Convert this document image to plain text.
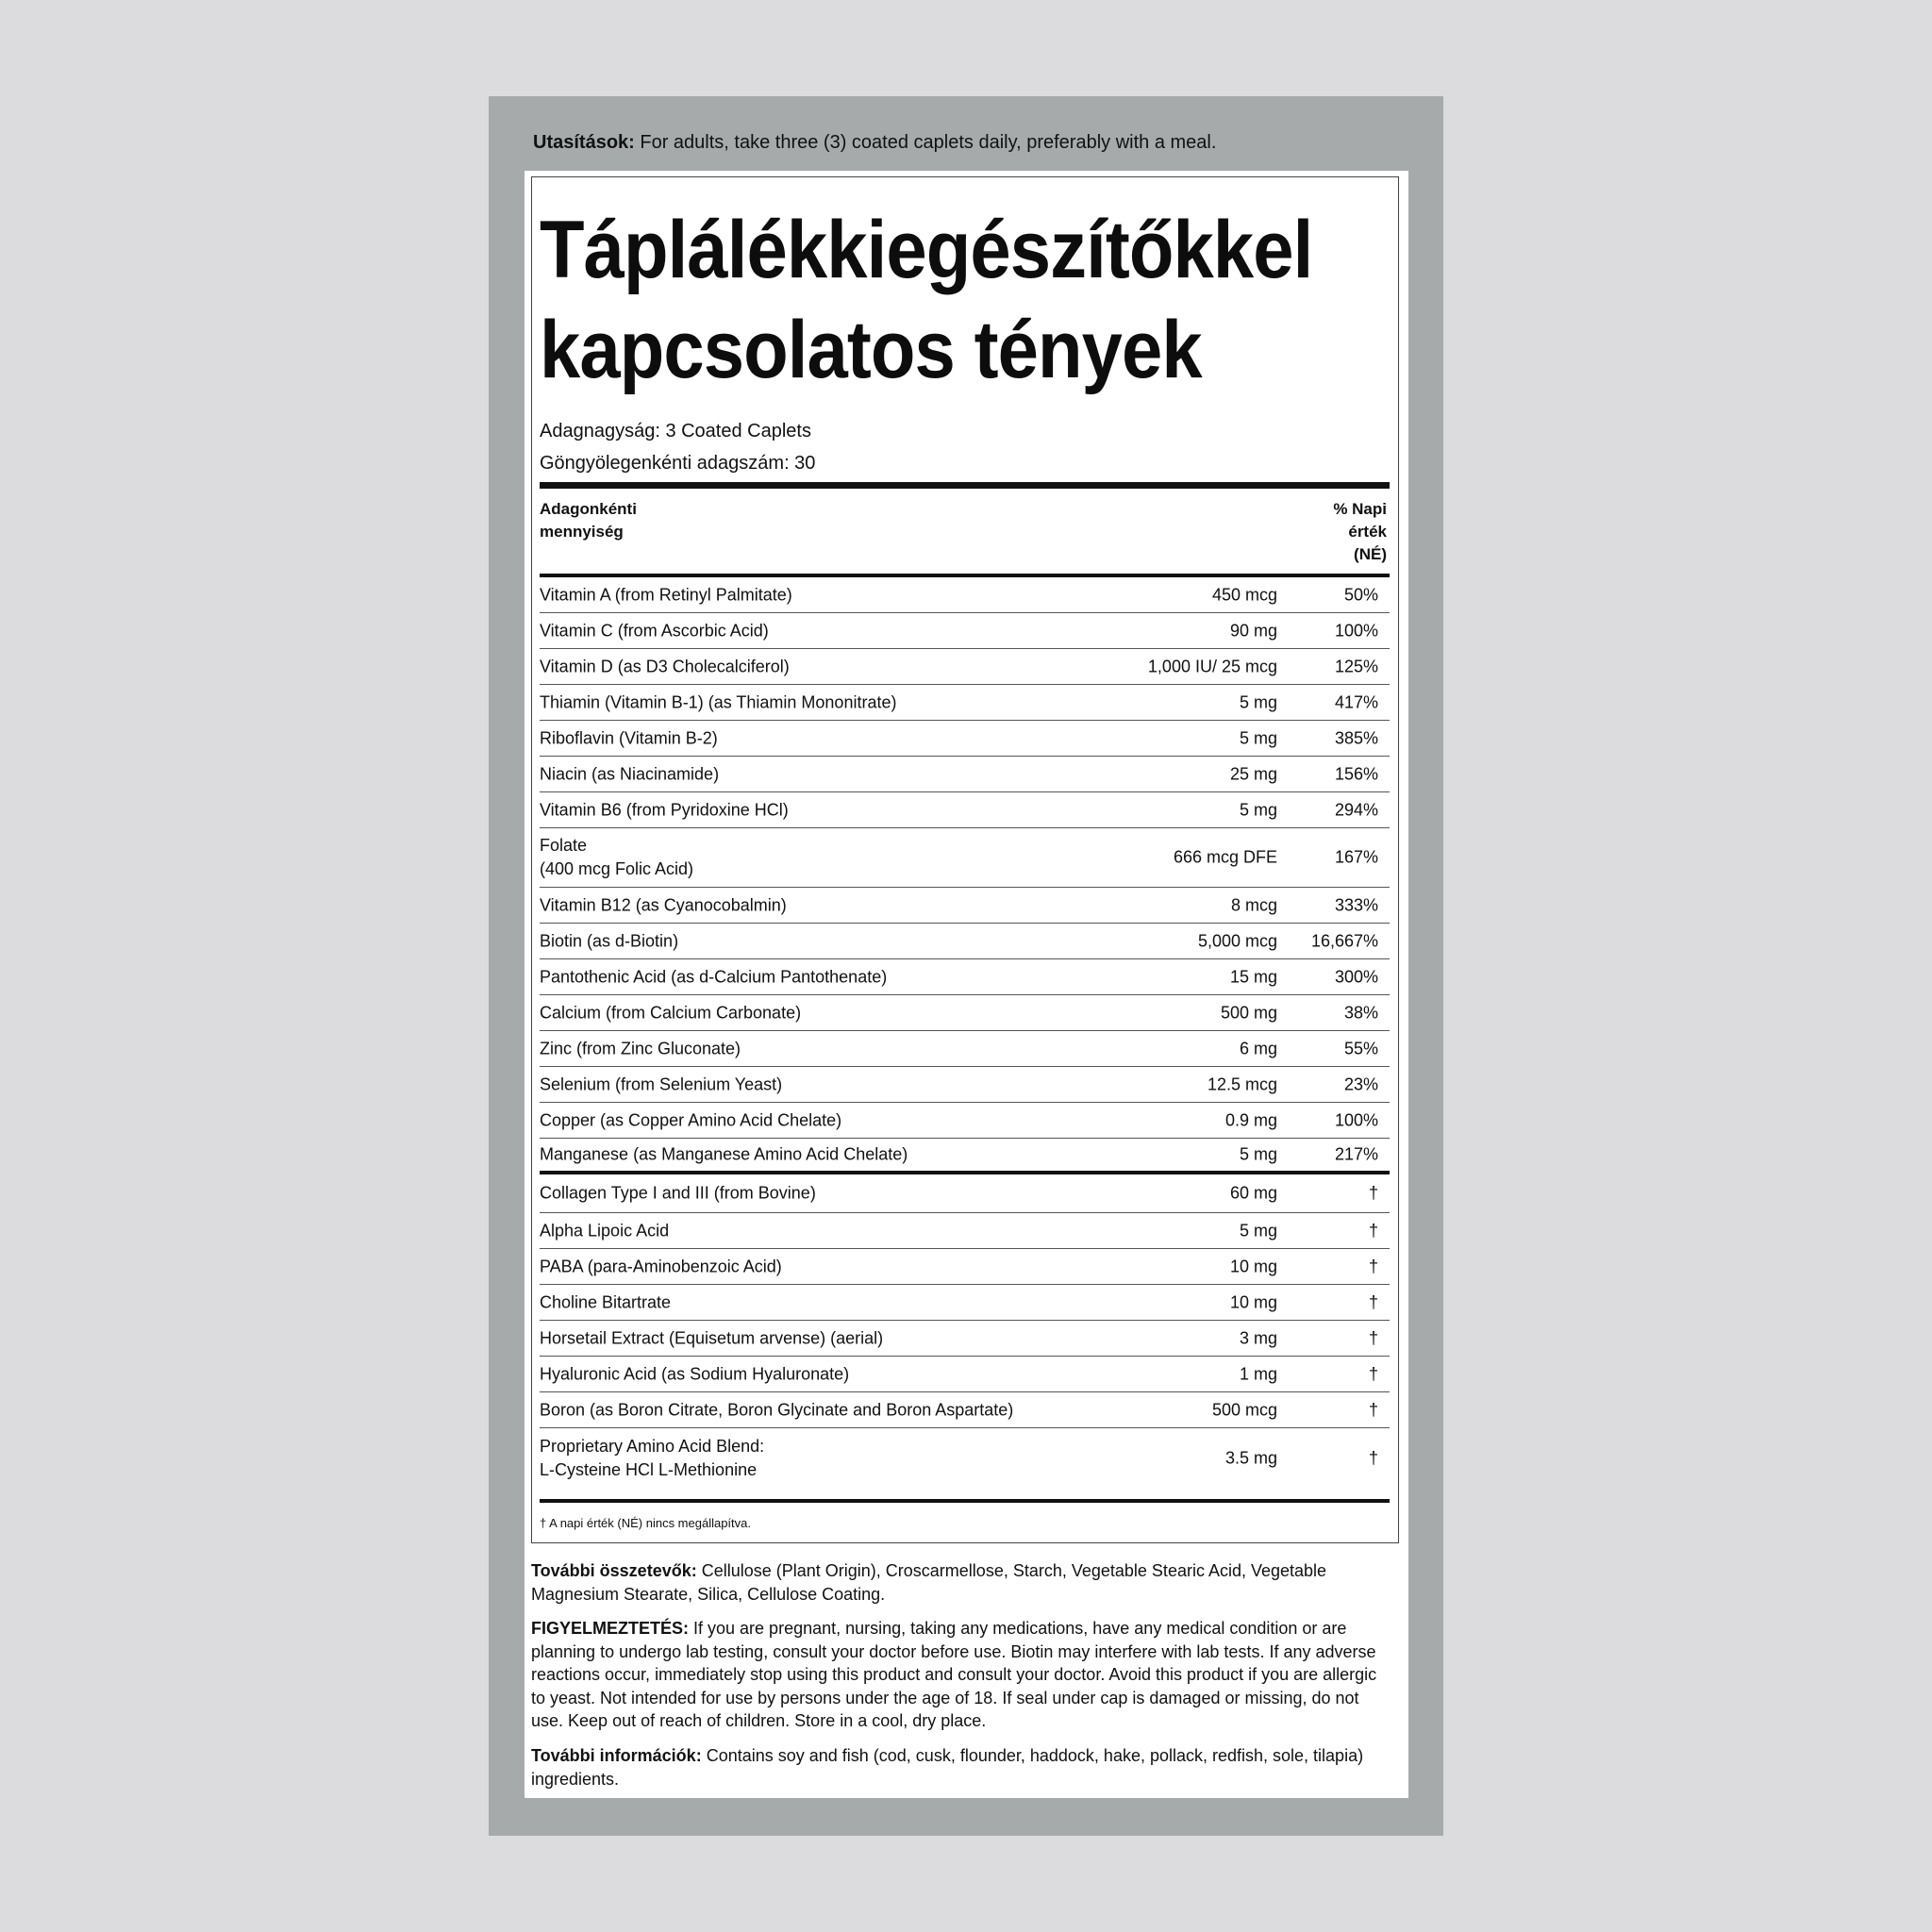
Utasítások: For adults, take three (3) coated caplets daily, preferably with a meal.
Táplálékkiegészítőkkel
kapcsolatos tények
Adagnagyság: 3 Coated Caplets
Göngyölegenkénti adagszám: 30
Adagonkénti
mennyiség
% Napi
érték
(NÉ)
Vitamin A (from Retinyl Palmitate)	450 mcg	50%
Vitamin C (from Ascorbic Acid)	90 mg	100%
Vitamin D (as D3 Cholecalciferol)	1,000 IU/ 25 mcg	125%
Thiamin (Vitamin B-1) (as Thiamin Mononitrate)	5 mg	417%
Riboflavin (Vitamin B-2)	5 mg	385%
Niacin (as Niacinamide)	25 mg	156%
Vitamin B6 (from Pyridoxine HCl)	5 mg	294%
Folate
(400 mcg Folic Acid)
666 mcg DFE	167%
Vitamin B12 (as Cyanocobalmin)	8 mcg	333%
Biotin (as d-Biotin)	5,000 mcg 16,667%
Pantothenic Acid (as d-Calcium Pantothenate)	15 mg	300%
Calcium (from Calcium Carbonate)	500 mg	38%
Zinc (from Zinc Gluconate)	6 mg	55%
Selenium (from Selenium Yeast)	12.5 mcg	23%
Copper (as Copper Amino Acid Chelate)	0.9 mg	100%
Manganese (as Manganese Amino Acid Chelate)	5 mg	217%
Collagen Type I and III (from Bovine)	60 mg	†
Alpha Lipoic Acid	5 mg	†
PABA (para-Aminobenzoic Acid)	10 mg	†
Choline Bitartrate	10 mg	†
Horsetail Extract (Equisetum arvense) (aerial)	3 mg	†
Hyaluronic Acid (as Sodium Hyaluronate)	1 mg	†
Boron (as Boron Citrate, Boron Glycinate and Boron Aspartate)	500 mcg	†
Proprietary Amino Acid Blend:
L-Cysteine HCl L-Methionine
3.5 mg	†
† A napi érték (NÉ) nincs megállapítva.
További összetevők: Cellulose (Plant Origin), Croscarmellose, Starch, Vegetable Stearic Acid, Vegetable Magnesium Stearate, Silica, Cellulose Coating.
FIGYELMEZTETÉS: If you are pregnant, nursing, taking any medications, have any medical condition or are planning to undergo lab testing, consult your doctor before use. Biotin may interfere with lab tests. If any adverse reactions occur, immediately stop using this product and consult your doctor. Avoid this product if you are allergic to yeast. Not intended for use by persons under the age of 18. If seal under cap is damaged or missing, do not use. Keep out of reach of children. Store in a cool, dry place.
További információk: Contains soy and fish (cod, cusk, flounder, haddock, hake, pollack, redfish, sole, tilapia) ingredients.
